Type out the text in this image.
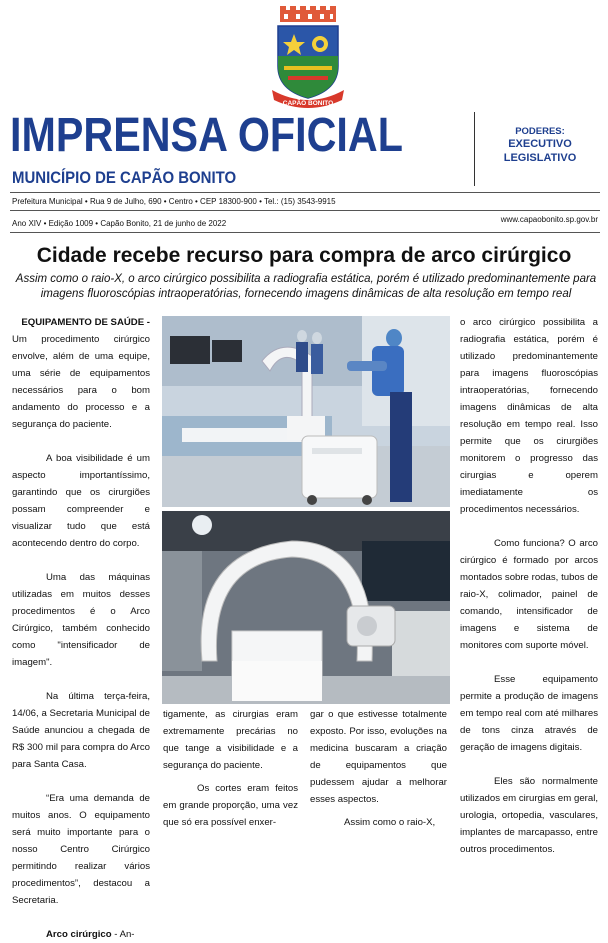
CAPÃO BONITO
IMPRENSA OFICIAL
MUNICÍPIO DE CAPÃO BONITO
PODERES:
EXECUTIVO
LEGISLATIVO
Prefeitura Municipal • Rua 9 de Julho, 690 • Centro • CEP 18300-900 • Tel.: (15) 3543-9915
Ano XIV • Edição 1009 • Capão Bonito, 21 de junho de 2022	www.capaobonito.sp.gov.br
Cidade recebe recurso para compra de arco cirúrgico
Assim como o raio-X, o arco cirúrgico possibilita a radiografia estática, porém é utilizado predominantemente para imagens fluoroscópias intraoperatórias, fornecendo imagens dinâmicas de alta resolução em tempo real

EQUIPAMENTO DE SAÚDE -
Um procedimento cirúrgico envolve, além de uma equipe, uma série de equipamentos necessários para o bom andamento do processo e a segurança do paciente.

A boa visibilidade é um aspecto importantíssimo, garantindo que os cirurgiões possam compreender e visualizar tudo que está acontecendo dentro do corpo.

Uma das máquinas utilizadas em muitos desses procedimentos é o Arco Cirúrgico, também conhecido como "intensificador de imagem".

Na última terça-feira, 14/06, a Secretaria Municipal de Saúde anunciou a chegada de R$ 300 mil para compra do Arco para Santa Casa.

“Era uma demanda de muitos anos. O equipamento será muito importante para o nosso Centro Cirúrgico permitindo realizar vários procedimentos”, destacou a Secretaria.

Arco cirúrgico - An-

tigamente, as cirurgias eram extremamente precárias no que tange a visibilidade e a segurança do paciente.

Os cortes eram feitos em grande proporção, uma vez que só era possível enxer-

gar o que estivesse totalmente exposto. Por isso, evoluções na medicina buscaram a criação de equipamentos que pudessem ajudar a melhorar esses aspectos.

Assim como o raio-X,

o arco cirúrgico possibilita a radiografia estática, porém é utilizado predominantemente para imagens fluoroscópias intraoperatórias, fornecendo imagens dinâmicas de alta resolução em tempo real. Isso permite que os cirurgiões monitorem o progresso das cirurgias e operem imediatamente os procedimentos necessários.

Como funciona? O arco cirúrgico é formado por arcos montados sobre rodas, tubos de raio-X, colimador, painel de comando, intensificador de imagens e sistema de monitores com suporte móvel.

Esse equipamento permite a produção de imagens em tempo real com até milhares de tons cinza através de geração de imagens digitais.

Eles são normalmente utilizados em cirurgias em geral, urologia, ortopedia, vasculares, implantes de marcapasso, entre outros procedimentos.
